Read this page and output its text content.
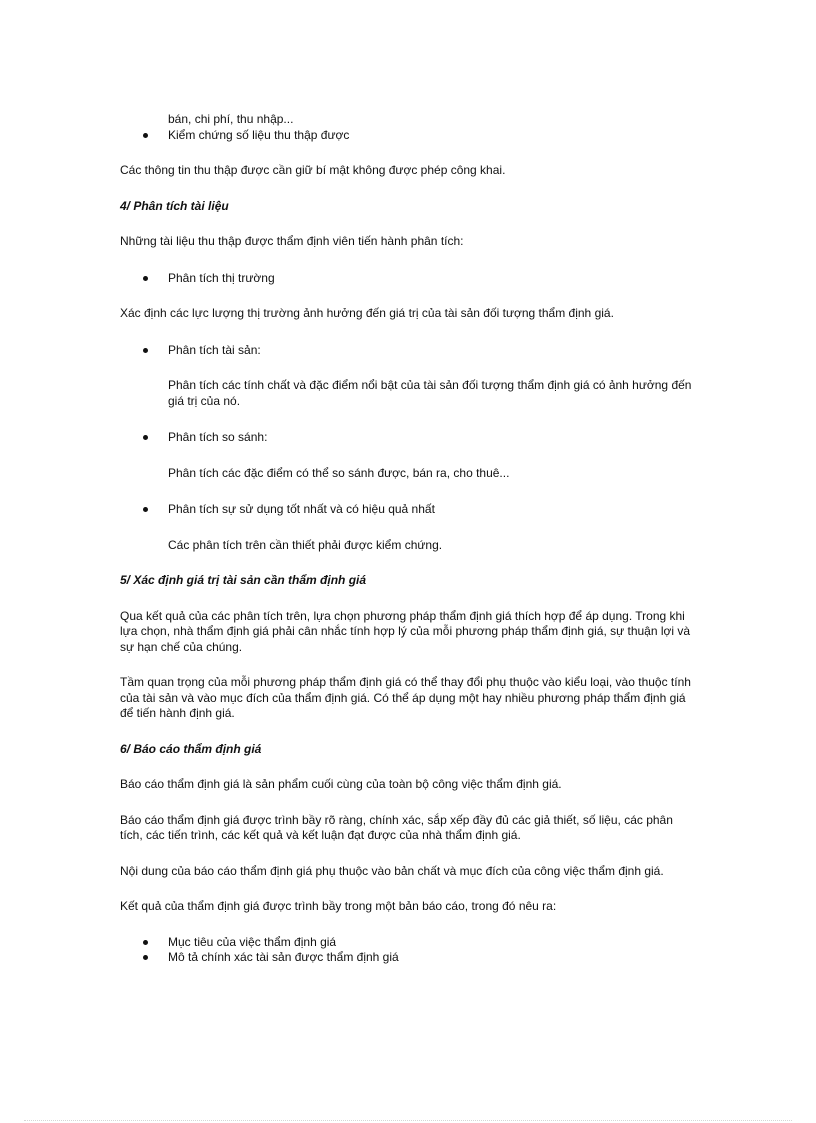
bán, chi phí, thu nhập...

Kiểm chứng số liệu thu thập được

Các thông tin thu thập được cần giữ bí mật không được phép công khai.

4/ Phân tích tài liệu

Những tài liệu thu thập được thẩm định viên tiến hành phân tích:

Phân tích thị trường

Xác định các lực lượng thị trường ảnh hưởng đến giá trị của tài sản đối tượng thẩm định giá.

Phân tích tài sản:

Phân tích các tính chất và đặc điểm nổi bật của tài sản đối tượng thẩm định giá có ảnh hưởng đến giá trị của nó.

Phân tích so sánh:

Phân tích các đặc điểm có thể so sánh được, bán ra, cho thuê...

Phân tích sự sử dụng tốt nhất và có hiệu quả nhất

Các phân tích trên cần thiết phải được kiểm chứng.

5/ Xác định giá trị tài sản cần thẩm định giá

Qua kết quả của các phân tích trên, lựa chọn phương pháp thẩm định giá thích hợp để áp dụng. Trong khi lựa chọn, nhà thẩm định giá phải cân nhắc tính hợp lý của mỗi phương pháp thẩm định giá, sự thuận lợi và sự hạn chế của chúng.

Tầm quan trọng của mỗi phương pháp thẩm định giá có thể thay đổi phụ thuộc vào kiểu loại, vào thuộc tính của tài sản và vào mục đích của thẩm định giá. Có thể áp dụng một hay nhiều phương pháp thẩm định giá để tiến hành định giá.

6/ Báo cáo thẩm định giá

Báo cáo thẩm định giá là sản phẩm cuối cùng của toàn bộ công việc thẩm định giá.

Báo cáo thẩm định giá được trình bầy rõ ràng, chính xác, sắp xếp đầy đủ các giả thiết, số liệu, các phân tích, các tiến trình, các kết quả và kết luận đạt được của nhà thẩm định giá.

Nội dung của báo cáo thẩm định giá phụ thuộc vào bản chất và mục đích của công việc thẩm định giá.

Kết quả của thẩm định giá được trình bầy trong một bản báo cáo, trong đó nêu ra:

Mục tiêu của việc thẩm định giá

Mô tả chính xác tài sản được thẩm định giá
